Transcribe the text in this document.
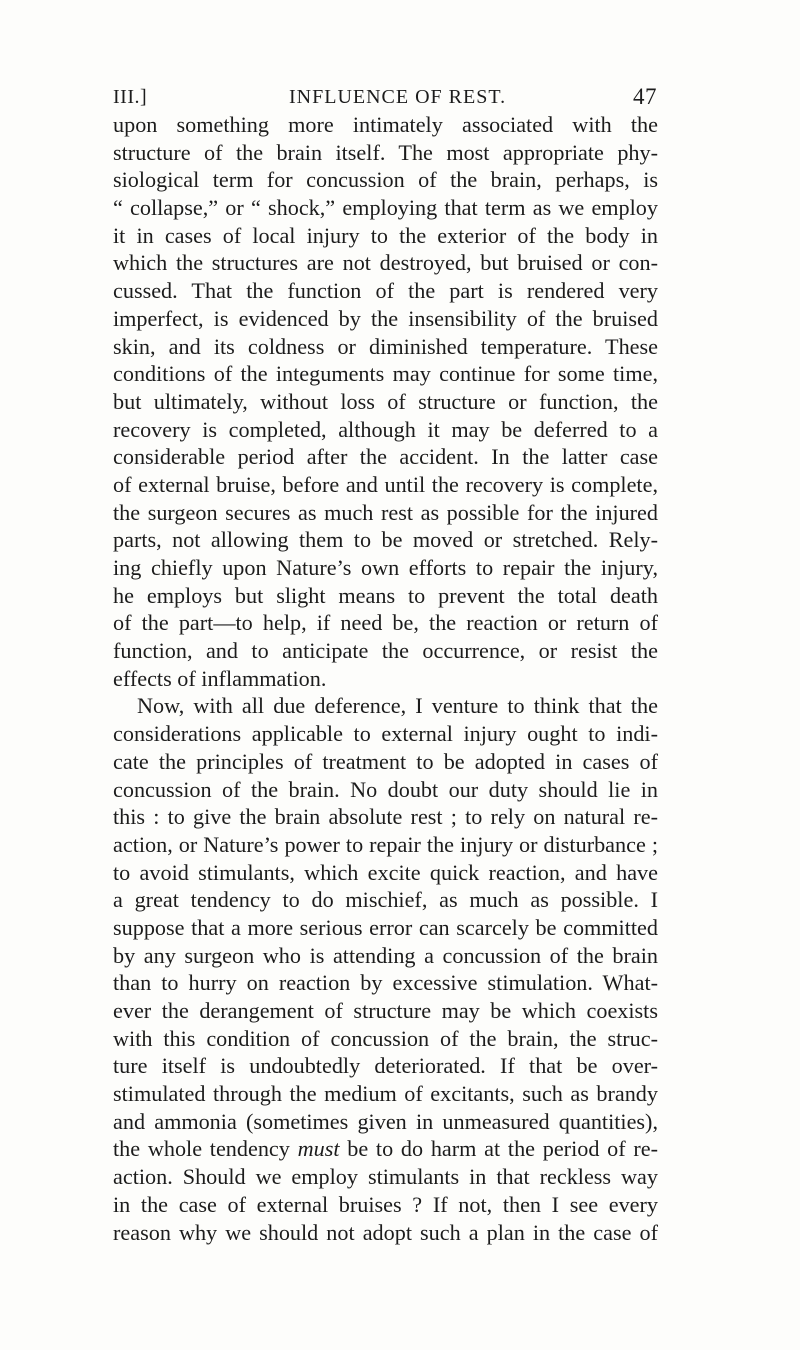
III.]	INFLUENCE OF REST.	47
upon something more intimately associated with the
structure of the brain itself. The most appropriate phy-
siological term for concussion of the brain, perhaps, is
“ collapse,” or “ shock,” employing that term as we employ
it in cases of local injury to the exterior of the body in
which the structures are not destroyed, but bruised or con-
cussed. That the function of the part is rendered very
imperfect, is evidenced by the insensibility of the bruised
skin, and its coldness or diminished temperature. These
conditions of the integuments may continue for some time,
but ultimately, without loss of structure or function, the
recovery is completed, although it may be deferred to a
considerable period after the accident. In the latter case
of external bruise, before and until the recovery is complete,
the surgeon secures as much rest as possible for the injured
parts, not allowing them to be moved or stretched. Rely-
ing chiefly upon Nature’s own efforts to repair the injury,
he employs but slight means to prevent the total death
of the part—to help, if need be, the reaction or return of
function, and to anticipate the occurrence, or resist the
effects of inflammation.
Now, with all due deference, I venture to think that the
considerations applicable to external injury ought to indi-
cate the principles of treatment to be adopted in cases of
concussion of the brain. No doubt our duty should lie in
this : to give the brain absolute rest ; to rely on natural re-
action, or Nature’s power to repair the injury or disturbance ;
to avoid stimulants, which excite quick reaction, and have
a great tendency to do mischief, as much as possible. I
suppose that a more serious error can scarcely be committed
by any surgeon who is attending a concussion of the brain
than to hurry on reaction by excessive stimulation. What-
ever the derangement of structure may be which coexists
with this condition of concussion of the brain, the struc-
ture itself is undoubtedly deteriorated. If that be over-
stimulated through the medium of excitants, such as brandy
and ammonia (sometimes given in unmeasured quantities),
the whole tendency must be to do harm at the period of re-
action. Should we employ stimulants in that reckless way
in the case of external bruises ? If not, then I see every
reason why we should not adopt such a plan in the case of
